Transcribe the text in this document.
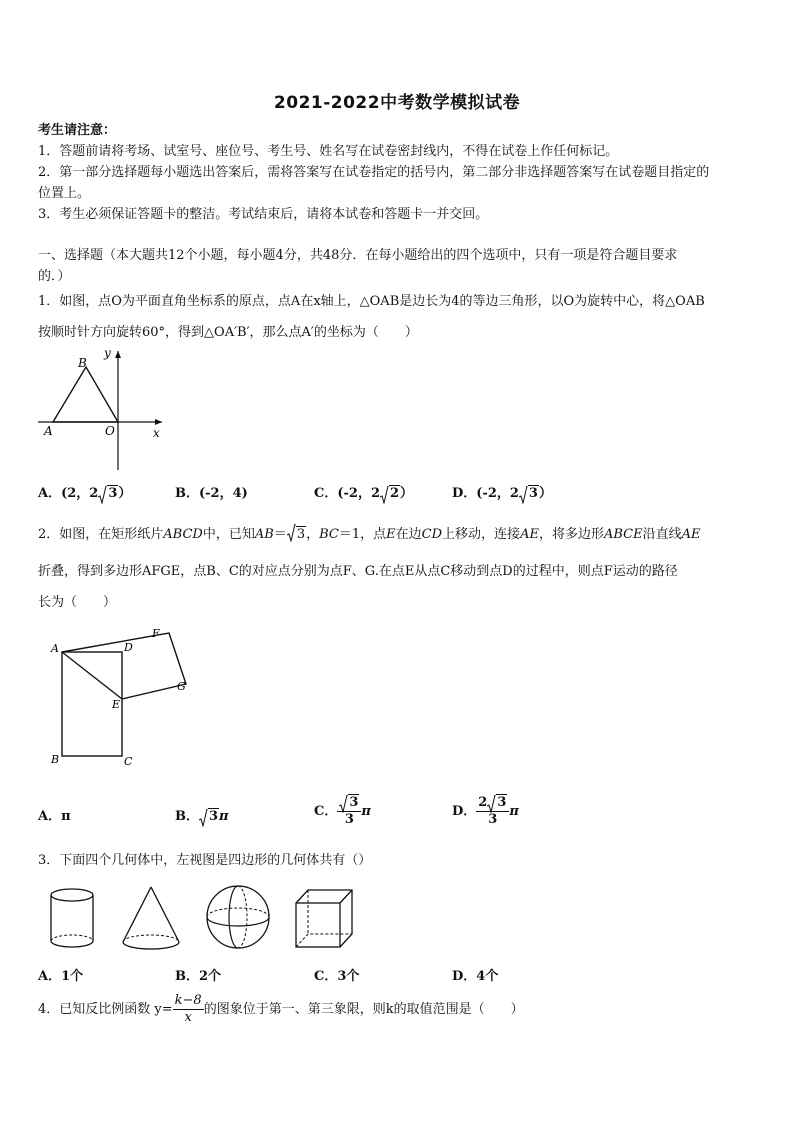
2021-2022中考数学模拟试卷
考生请注意：
1．答题前请将考场、试室号、座位号、考生号、姓名写在试卷密封线内，不得在试卷上作任何标记。
2．第一部分选择题每小题选出答案后，需将答案写在试卷指定的括号内，第二部分非选择题答案写在试卷题目指定的
位置上。
3．考生必须保证答题卡的整洁。考试结束后，请将本试卷和答题卡一并交回。
一、选择题（本大题共12个小题，每小题4分，共48分．在每小题给出的四个选项中，只有一项是符合题目要求
的．）
1．如图，点O为平面直角坐标系的原点，点A在x轴上，△OAB是边长为4的等边三角形，以O为旋转中心，将△OAB
按顺时针方向旋转60°，得到△OA′B′，那么点A′的坐标为（　　）
B
y
A	O	x
A．(2，2 3）	B．(-2，4)	C．(-2，2 2）	D．(-2，2 3）
2．如图，在矩形纸片ABCD中，已知AB＝ 3，BC＝1，点E在边CD上移动，连接AE，将多边形ABCE沿直线AE
折叠，得到多边形AFGE，点B、C的对应点分别为点F、G.在点E从点C移动到点D的过程中，则点F运动的路径
长为（　　）
A	D
F
G
E
B	C
A．π	B． 3π	C． $\frac{3}{3}$ π	D． $\frac{2 3}{3}$ π
3．下面四个几何体中，左视图是四边形的几何体共有（）
A．1个	B．2个	C．3个	D．4个
4．已知反比例函数 $y= \frac{k-8}{x}$ 的图象位于第一、第三象限，则k的取值范围是（　　）
